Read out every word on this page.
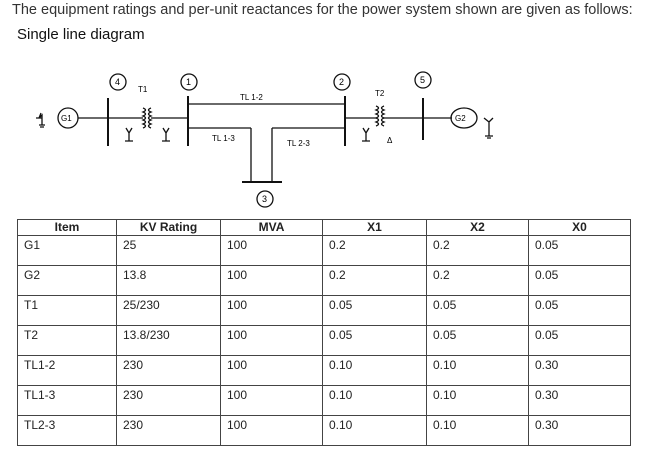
The equipment ratings and per-unit reactances for the power system shown are given as follows:
Single line diagram
4	1	2
3
5
G1	G2
T1	T2
TL 1-2
TL 1-3
TL 2-3	Δ
Item	KV Rating	MVA	X1	X2	X0
G1	25	100	0.2	0.2	0.05
G2	13.8	100	0.2	0.2	0.05
T1	25/230	100	0.05	0.05	0.05
T2	13.8/230	100	0.05	0.05	0.05
TL1-2	230	100	0.10	0.10	0.30
TL1-3	230	100	0.10	0.10	0.30
TL2-3	230	100	0.10	0.10	0.30
